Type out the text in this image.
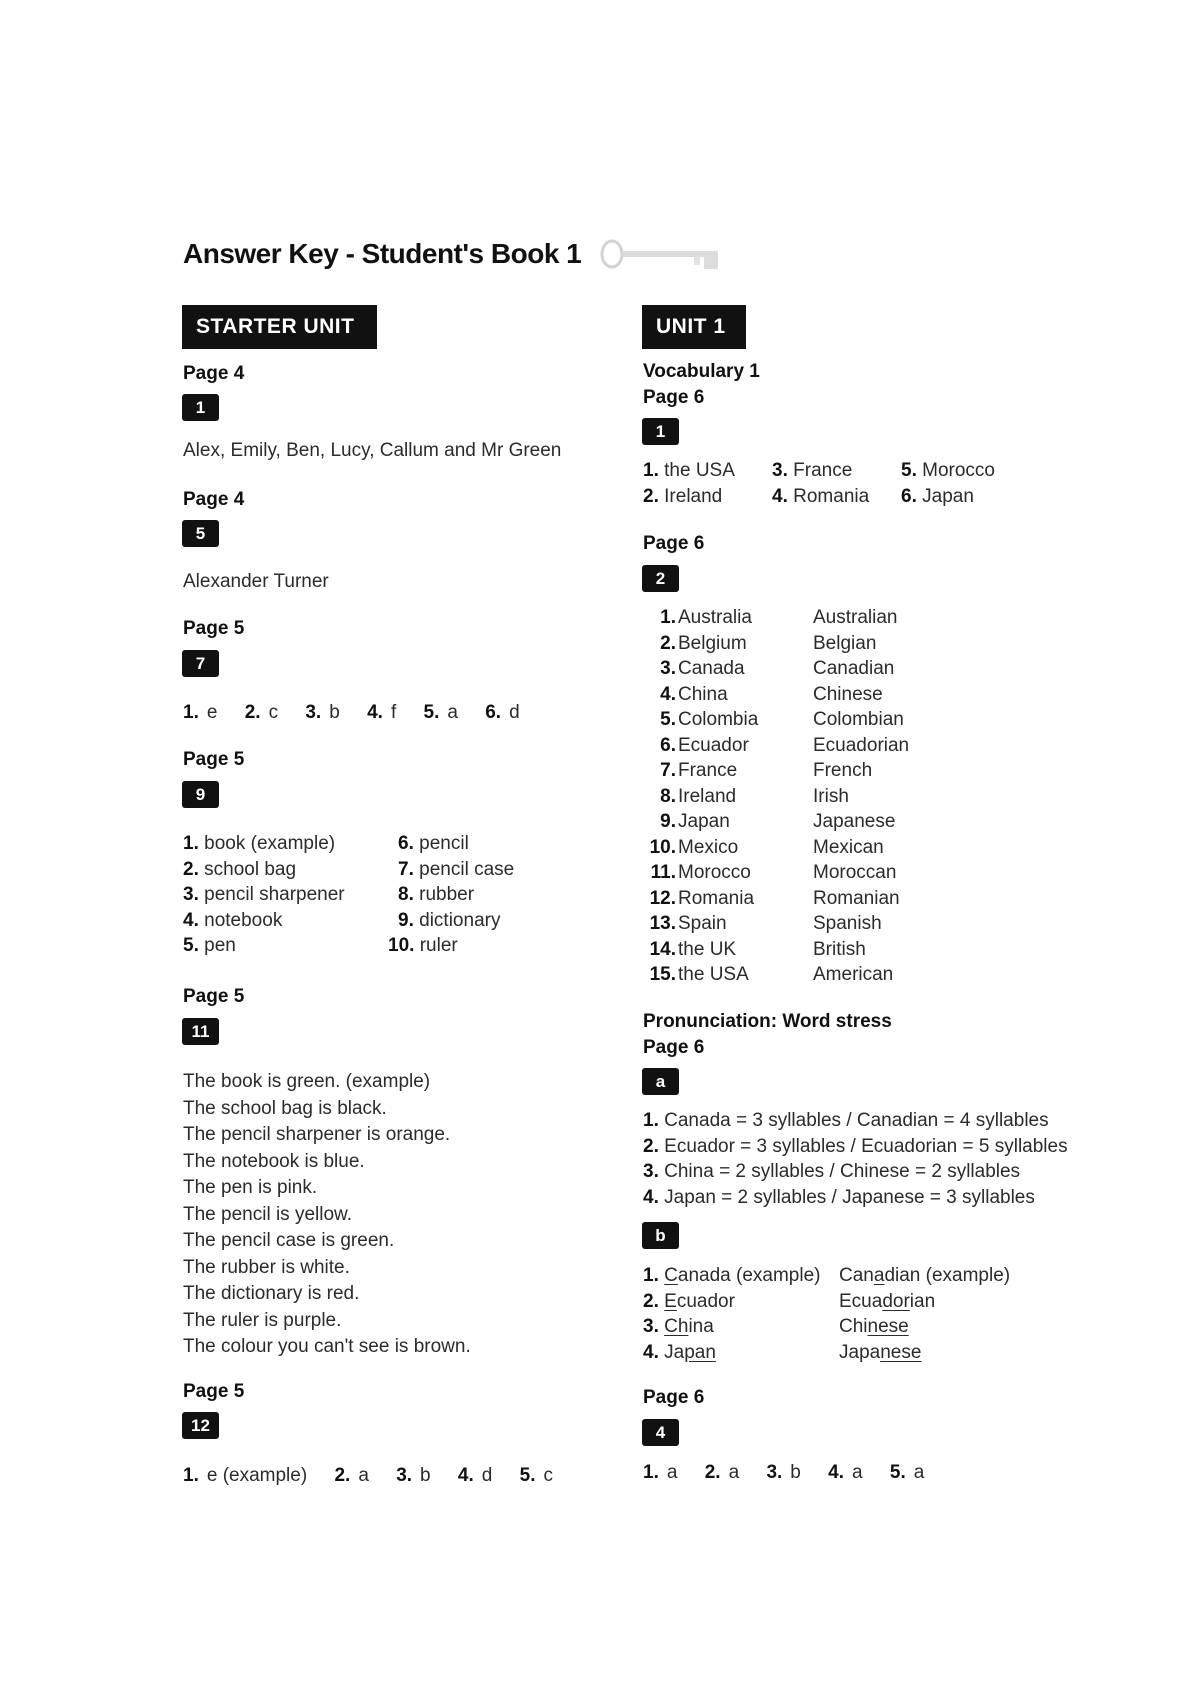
Answer Key - Student's Book 1
STARTER UNIT
Page 4
1
Alex, Emily, Ben, Lucy, Callum and Mr Green
Page 4
5
Alexander Turner
Page 5
7
1. e 2. c 3. b 4. f 5. a 6. d
Page 5
9
1. book (example)	6. pencil
2. school bag	7. pencil case
3. pencil sharpener	8. rubber
4. notebook	9. dictionary
5. pen	10. ruler
Page 5
11
The book is green. (example)
The school bag is black.
The pencil sharpener is orange.
The notebook is blue.
The pen is pink.
The pencil is yellow.
The pencil case is green.
The rubber is white.
The dictionary is red.
The ruler is purple.
The colour you can't see is brown.
Page 5
12
1. e (example) 2. a 3. b 4. d 5. c
UNIT 1
Vocabulary 1
Page 6
1
1. the USA 3. France	5. Morocco
2. Ireland	4. Romania 6. Japan
Page 6
2
1. Australia	Australian
2. Belgium	Belgian
3. Canada	Canadian
4. China	Chinese
5. Colombia	Colombian
6. Ecuador	Ecuadorian
7. France	French
8. Ireland	Irish
9. Japan	Japanese
10. Mexico	Mexican
11. Morocco	Moroccan
12. Romania	Romanian
13. Spain	Spanish
14. the UK	British
15. the USA	American
Pronunciation: Word stress
Page 6
a
1. Canada = 3 syllables / Canadian = 4 syllables
2. Ecuador = 3 syllables / Ecuadorian = 5 syllables
3. China = 2 syllables / Chinese = 2 syllables
4. Japan = 2 syllables / Japanese = 3 syllables
b
1. Canada (example) Canadian (example)
2. Ecuador	Ecuadorian
3. China	Chinese
4. Japan	Japanese
Page 6
4
1. a 2. a 3. b 4. a 5. a
